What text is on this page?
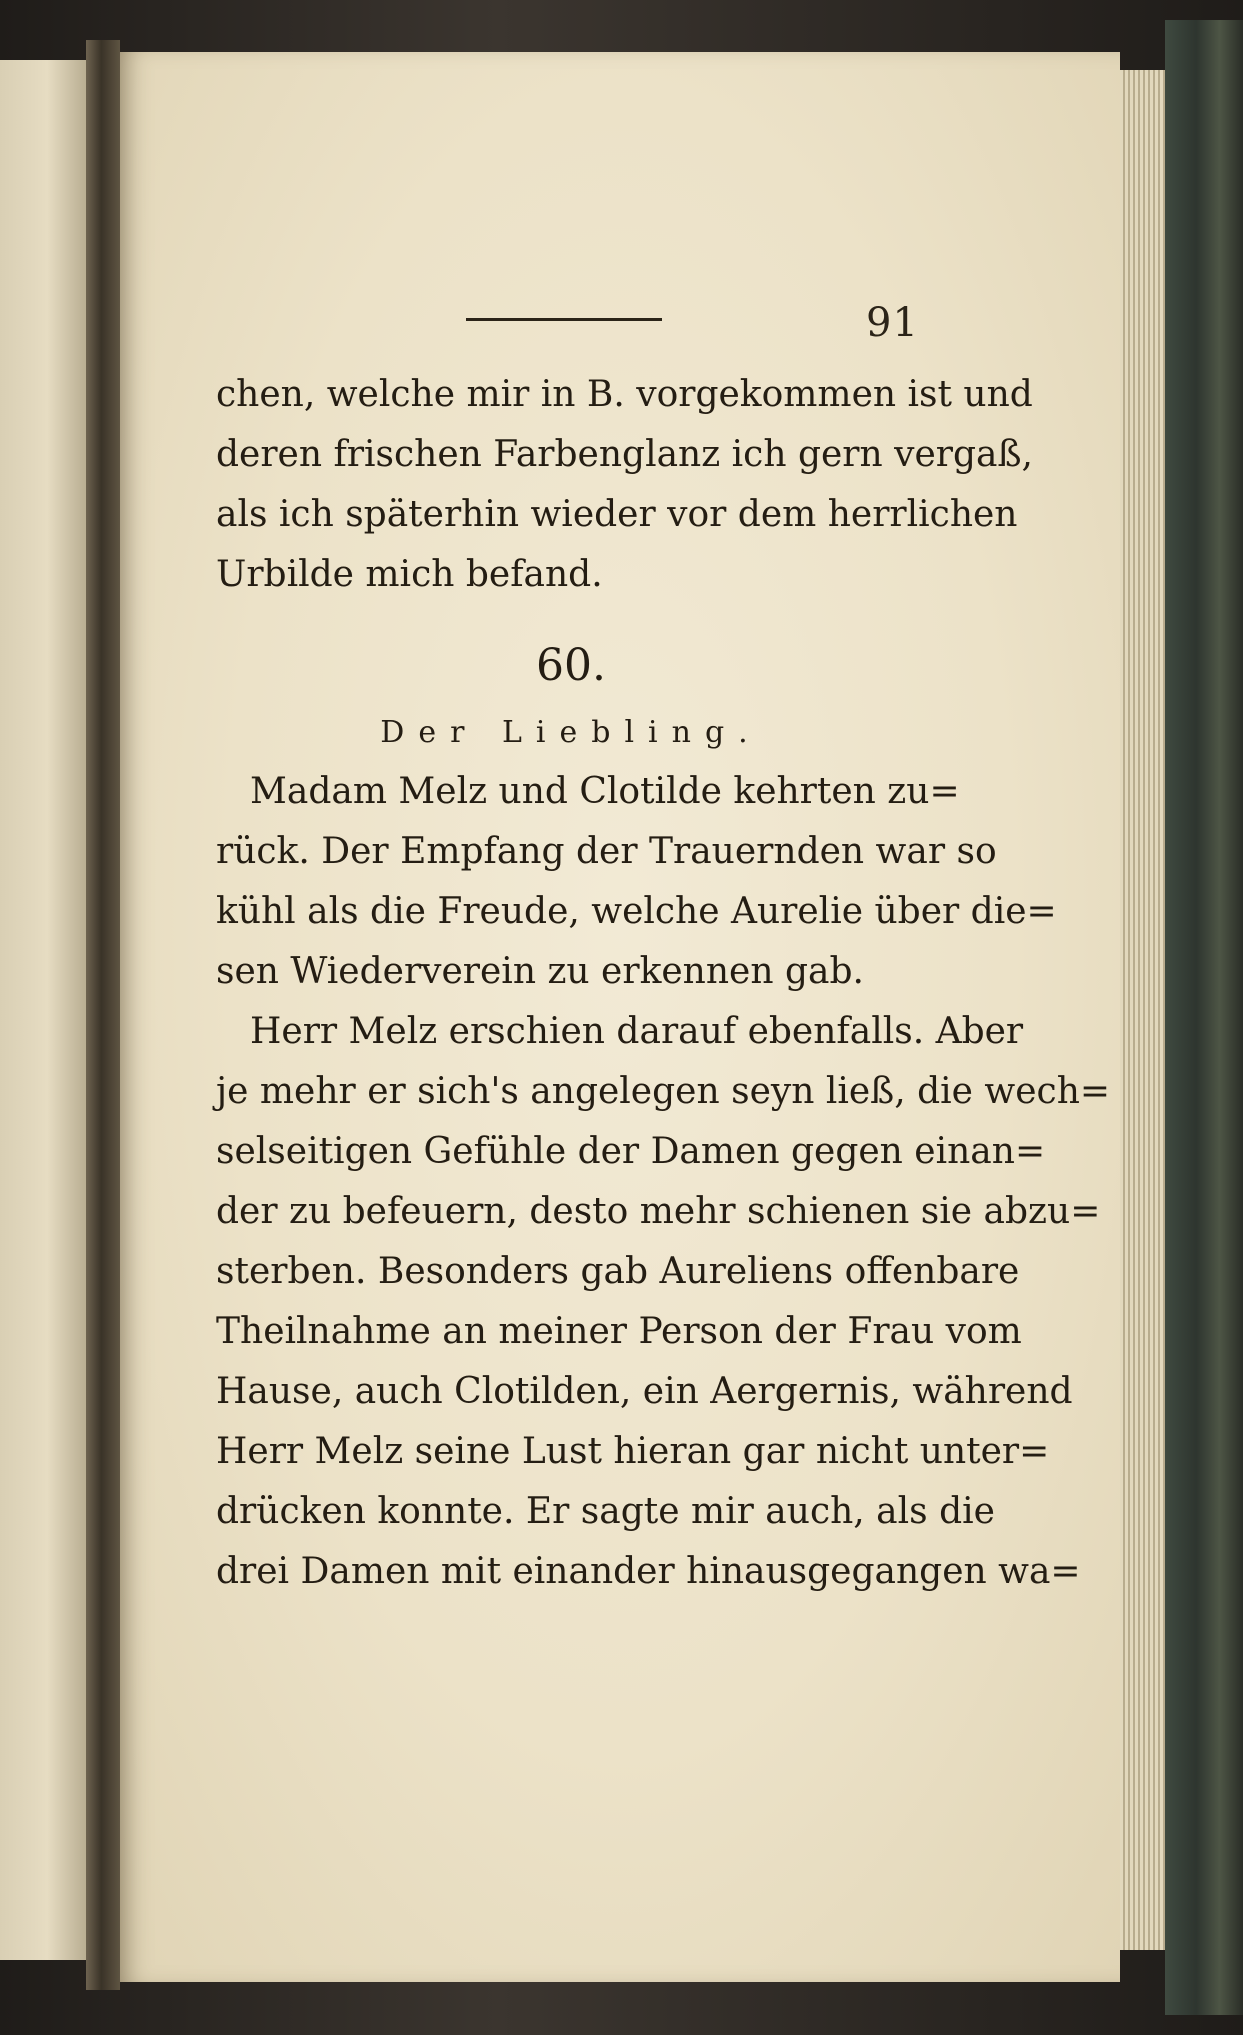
91
chen, welche mir in B. vorgekommen ist und
deren frischen Farbenglanz ich gern vergaß,
als ich späterhin wieder vor dem herrlichen
Urbilde mich befand.
60.
Der Liebling.
Madam Melz und Clotilde kehrten zu=
rück. Der Empfang der Trauernden war so
kühl als die Freude, welche Aurelie über die=
sen Wiederverein zu erkennen gab.
Herr Melz erschien darauf ebenfalls. Aber
je mehr er sich's angelegen seyn ließ, die wech=
selseitigen Gefühle der Damen gegen einan=
der zu befeuern, desto mehr schienen sie abzu=
sterben. Besonders gab Aureliens offenbare
Theilnahme an meiner Person der Frau vom
Hause, auch Clotilden, ein Aergernis, während
Herr Melz seine Lust hieran gar nicht unter=
drücken konnte. Er sagte mir auch, als die
drei Damen mit einander hinausgegangen wa=
